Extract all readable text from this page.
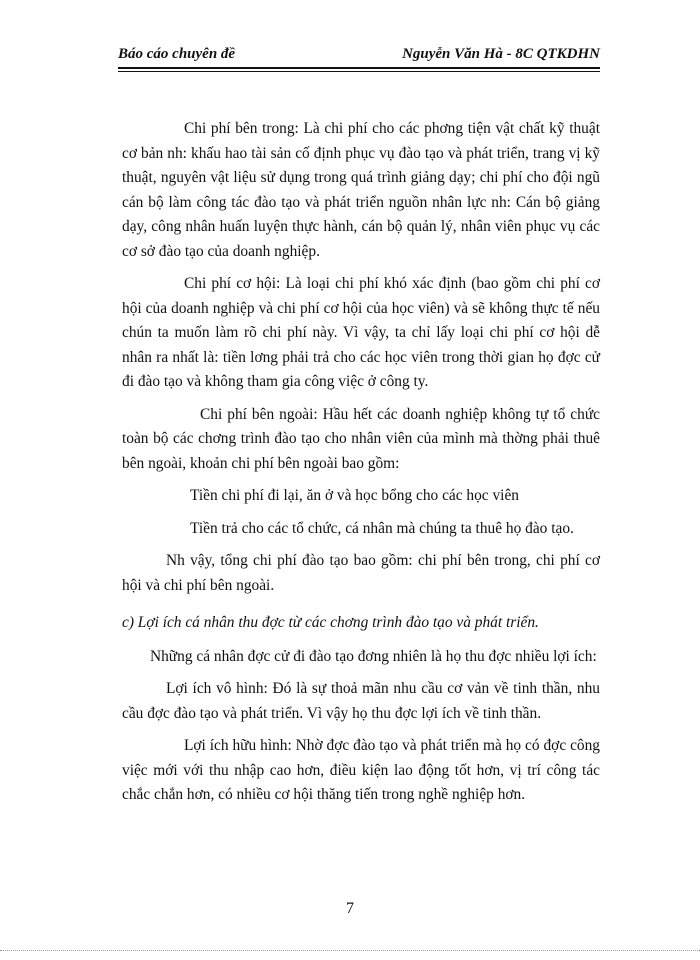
Báo cáo chuyên đề	Nguyễn Văn Hà - 8C QTKDHN

Chi phí bên trong: Là chi phí cho các phơng tiện vật chất kỹ thuật cơ bản nh: khấu hao tài sản cố định phục vụ đào tạo và phát triển, trang vị kỹ thuật, nguyên vật liệu sử dụng trong quá trình giảng dạy; chi phí cho đội ngũ cán bộ làm công tác đào tạo và phát triển nguồn nhân lực nh: Cán bộ giảng dạy, công nhân huấn luyện thực hành, cán bộ quản lý, nhân viên phục vụ các cơ sở đào tạo của doanh nghiệp.

Chi phí cơ hội: Là loại chi phí khó xác định (bao gồm chi phí cơ hội của doanh nghiệp và chi phí cơ hội của học viên) và sẽ không thực tế nếu chún ta muốn làm rõ chi phí này. Vì vậy, ta chỉ lấy loại chi phí cơ hội dễ nhân ra nhất là: tiền lơng phải trả cho các học viên trong thời gian họ đợc cử đi đào tạo và không tham gia công việc ở công ty.

Chi phí bên ngoài: Hầu hết các doanh nghiệp không tự tổ chức toàn bộ các chơng trình đào tạo cho nhân viên của mình mà thờng phải thuê bên ngoài, khoản chi phí bên ngoài bao gồm:

Tiền chi phí đi lại, ăn ở và học bổng cho các học viên

Tiền trả cho các tổ chức, cá nhân mà chúng ta thuê họ đào tạo.

Nh vậy, tổng chi phí đào tạo bao gồm: chi phí bên trong, chi phí cơ hội và chi phí bên ngoài.

c) Lợi ích cá nhân thu đợc từ các chơng trình đào tạo và phát triển.

Những cá nhân đợc cử đi đào tạo đơng nhiên là họ thu đợc nhiều lợi ích:

Lợi ích vô hình: Đó là sự thoả mãn nhu cầu cơ vản về tinh thần, nhu cầu đợc đào tạo và phát triển. Vì vậy họ thu đợc lợi ích về tinh thần.

Lợi ích hữu hình: Nhờ đợc đào tạo và phát triển mà họ có đợc công việc mới với thu nhập cao hơn, điều kiện lao động tốt hơn, vị trí công tác chắc chắn hơn, có nhiều cơ hội thăng tiến trong nghề nghiệp hơn.

7
